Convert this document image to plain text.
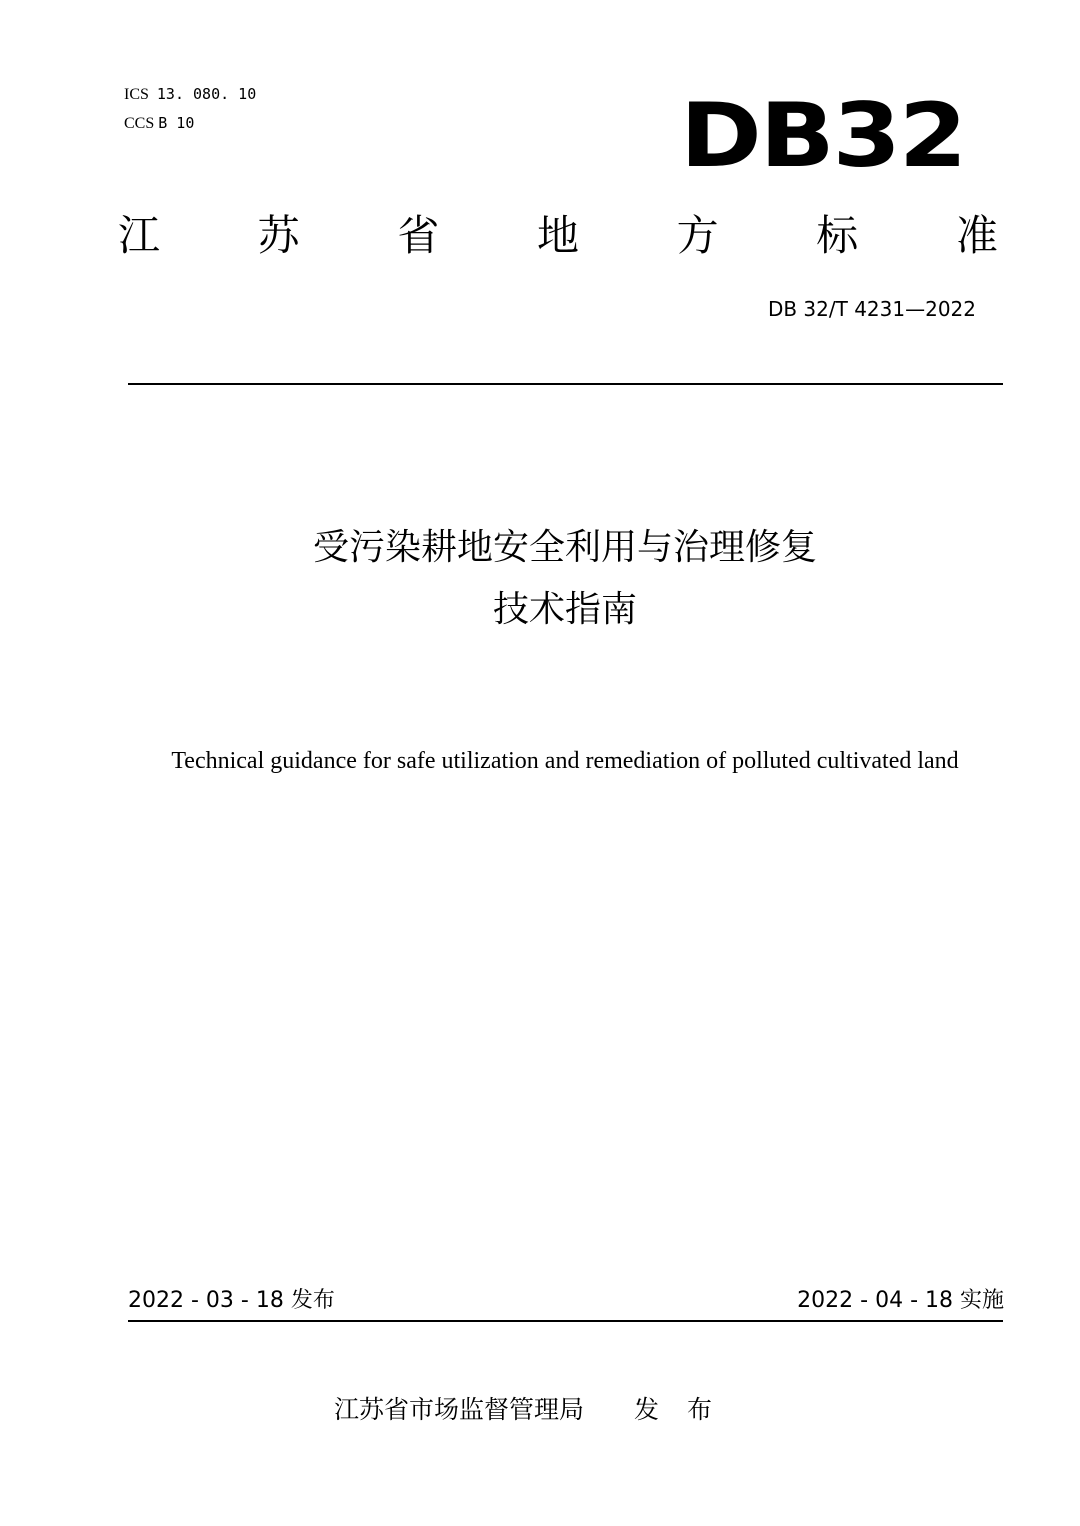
ICS 13. 080. 10
CCS B 10	DB32
江 苏 省 地 方 标 准
DB 32/T 4231—2022
受污染耕地安全利用与治理修复
技术指南
Technical guidance for safe utilization and remediation of polluted cultivated land
2022 - 03 - 18 发布	2022 - 04 - 18 实施
江苏省市场监督管理局 发 布
